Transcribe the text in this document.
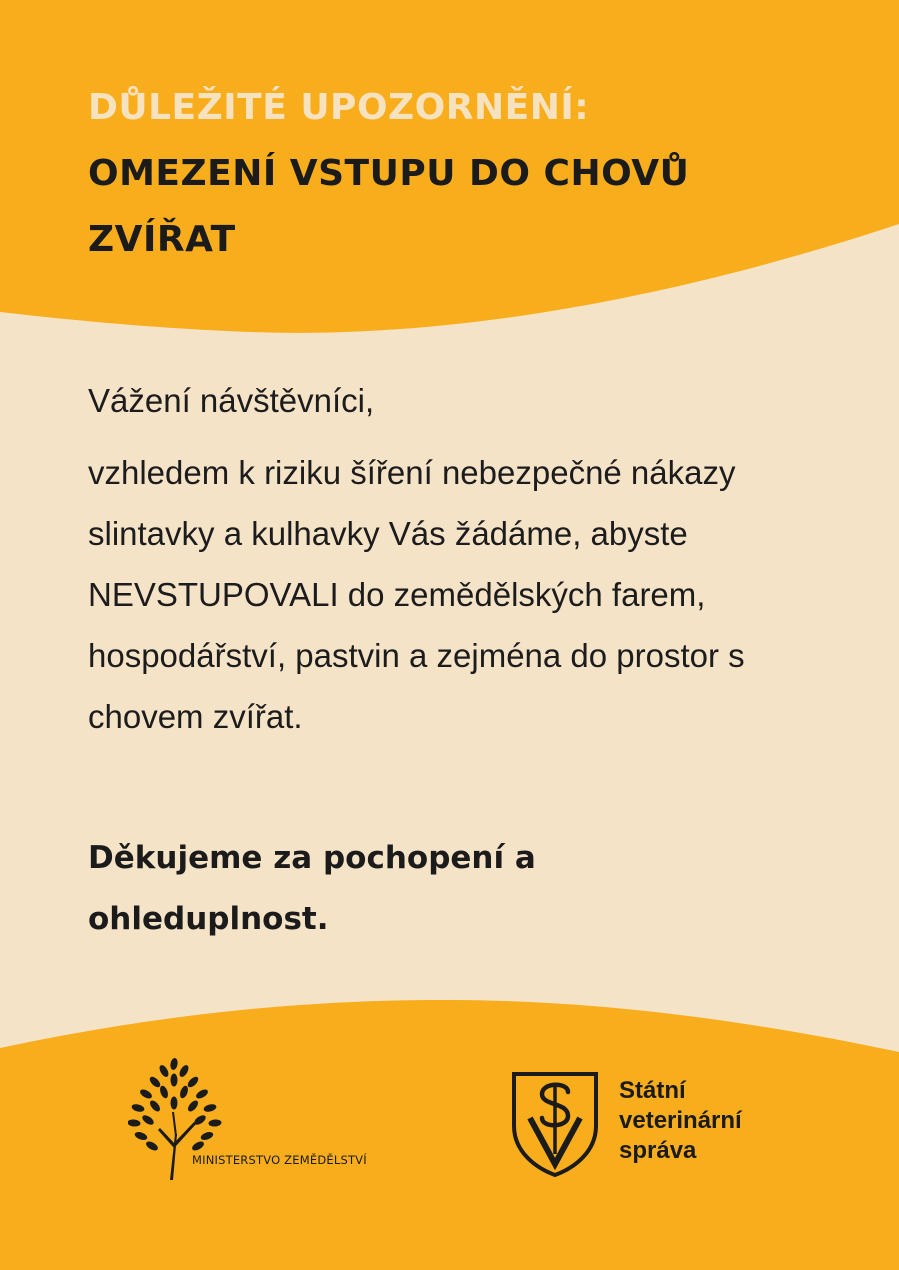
DŮLEŽITÉ UPOZORNĚNÍ:
OMEZENÍ VSTUPU DO CHOVŮ ZVÍŘAT
Vážení návštěvníci,
vzhledem k riziku šíření nebezpečné nákazy slintavky a kulhavky Vás žádáme, abyste NEVSTUPOVALI do zemědělských farem, hospodářství, pastvin a zejména do prostor s chovem zvířat.

Děkujeme za pochopení a ohleduplnost.

MINISTERSTVO ZEMĚDĚLSTVÍ
Státní
veterinární
správa
